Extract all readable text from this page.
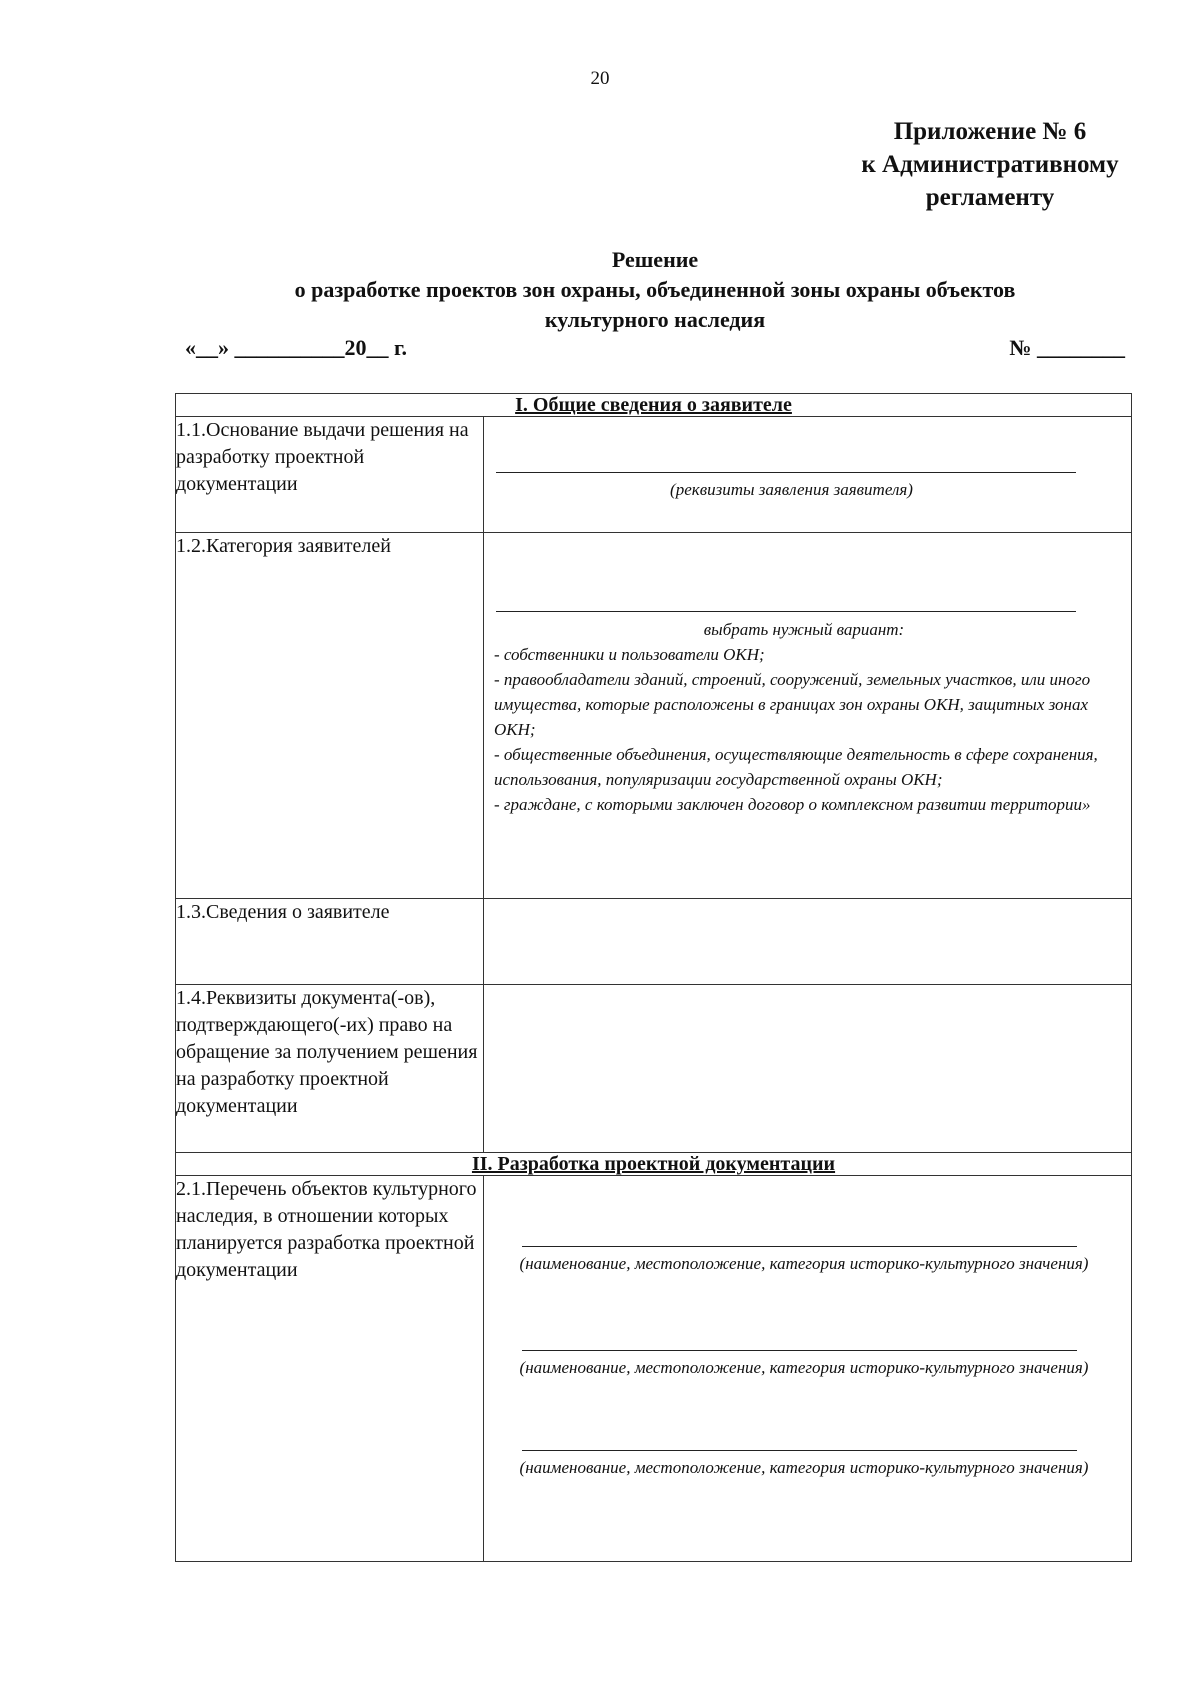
20
Приложение № 6
к Административному
регламенту
Решение
о разработке проектов зон охраны, объединенной зоны охраны объектов
культурного наследия
«__» __________20__ г.	№ ________
I. Общие сведения о заявителе	
1.1.Основание выдачи решения на разработку проектной документации	(реквизиты заявления заявителя)

1.2.Категория заявителей	выбрать нужный вариант:
- собственники и пользователи ОКН;
- правообладатели зданий, строений, сооружений, земельных участков, или иного имущества, которые расположены в границах зон охраны ОКН, защитных зонах ОКН;
- общественные объединения, осуществляющие деятельность в сфере сохранения, использования, популяризации государственной охраны ОКН;
- граждане, с которыми заключен договор о комплексном развитии территории»

1.3.Сведения о заявителе	
1.4.Реквизиты документа(-ов), подтверждающего(-их) право на обращение за получением решения на разработку проектной документации	
II. Разработка проектной документации	
2.1.Перечень объектов культурного наследия, в отношении которых планируется разработка проектной документации	(наименование, местоположение, категория историко-культурного значения)
(наименование, местоположение, категория историко-культурного значения)
(наименование, местоположение, категория историко-культурного значения)
